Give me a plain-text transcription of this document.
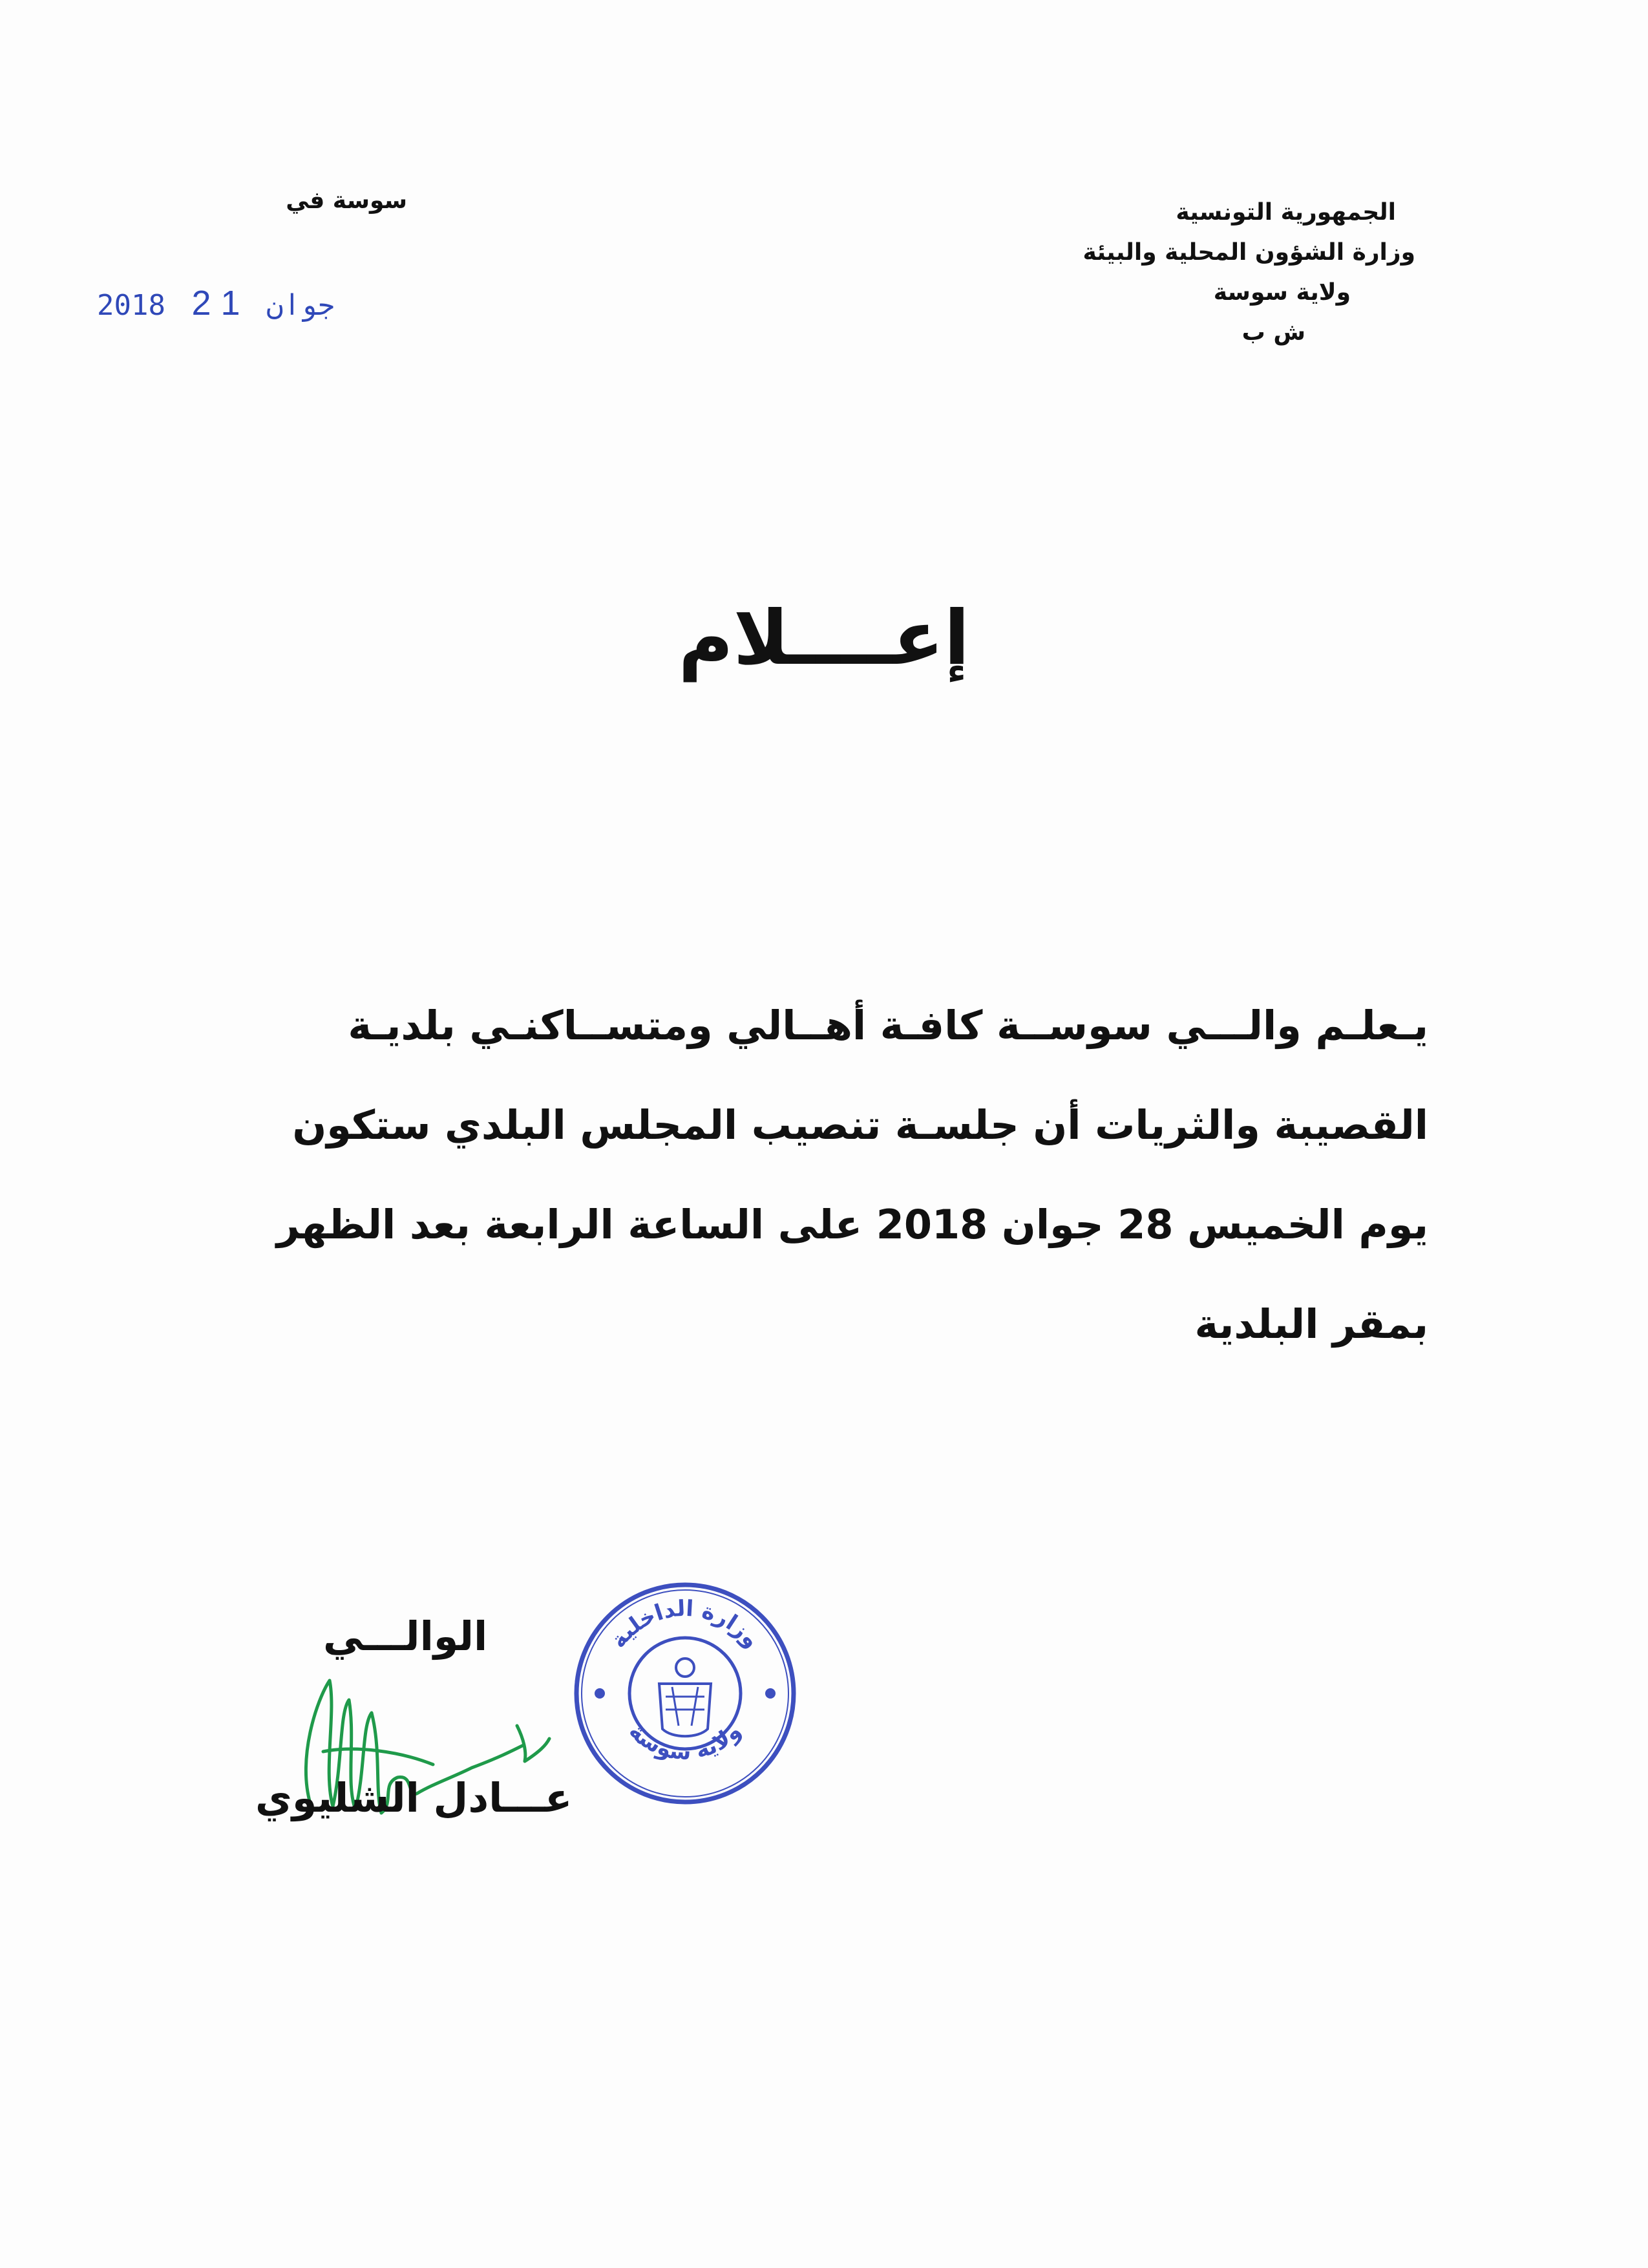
الجمهورية التونسية
وزارة الشؤون المحلية والبيئة
ولاية سوسة
ش ب
سوسة في
2018	جوان 1 2
إعــــلام
يـعلـم والـــي سوســة كافـة أهــالي ومتســاكنـي بلديـة
القصيبة والثريات أن جلسـة تنصيب المجلس البلدي ستكون
يوم الخميس 28 جوان 2018 على الساعة الرابعة بعد الظهر
بمقر البلدية
الوالـــي	وزارة الداخلية
ولاية سوسة
عـــادل الشليوي
